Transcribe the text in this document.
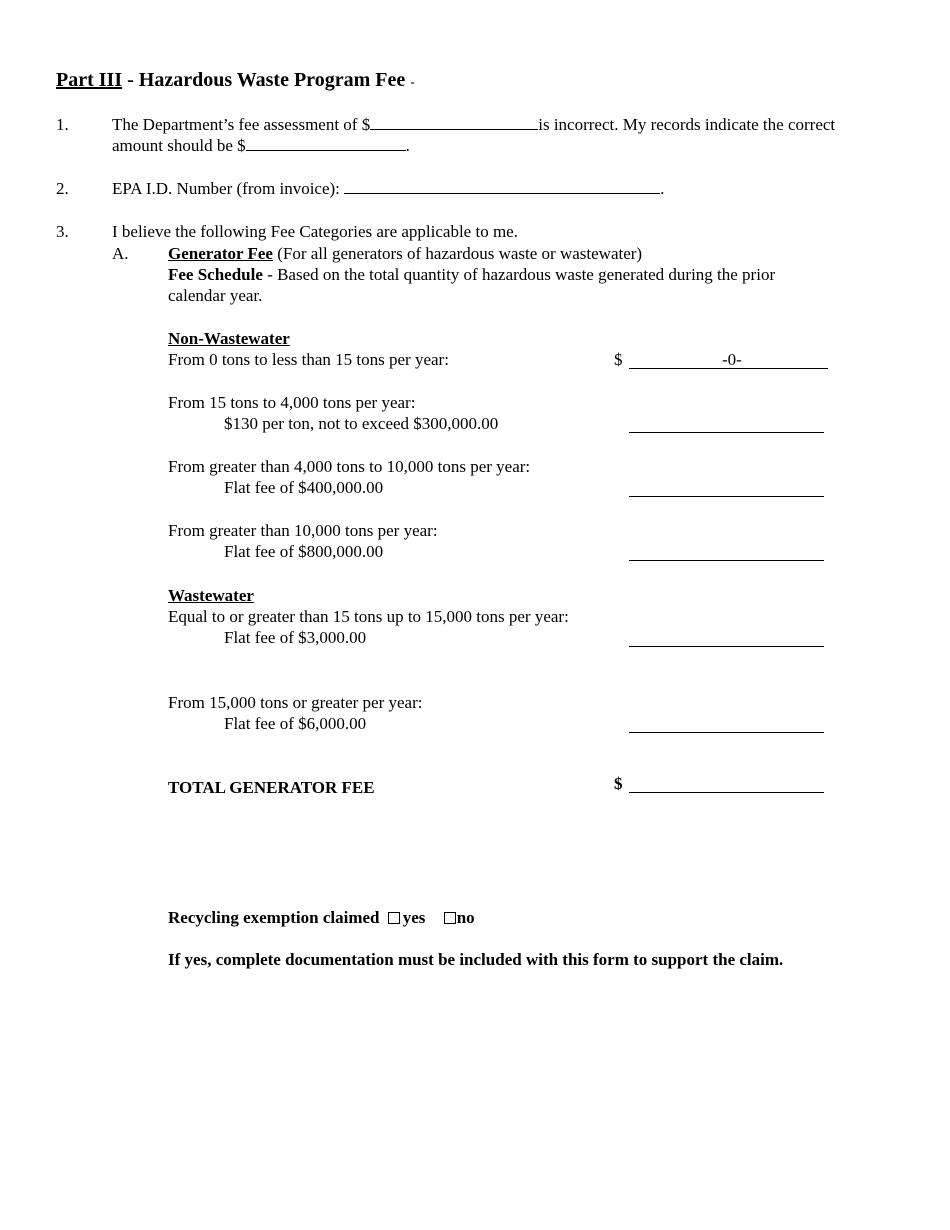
Part III - Hazardous Waste Program Fee -
1.	The Department’s fee assessment of $	is incorrect. My records indicate the correct
amount should be $	.
2.	EPA I.D. Number (from invoice):	.
3.	I believe the following Fee Categories are applicable to me.
A. Generator Fee (For all generators of hazardous waste or wastewater)
Fee Schedule - Based on the total quantity of hazardous waste generated during the prior
calendar year.
Non-Wastewater
From 0 tons to less than 15 tons per year:	$	-0-
From 15 tons to 4,000 tons per year:
$130 per ton, not to exceed $300,000.00
From greater than 4,000 tons to 10,000 tons per year:
Flat fee of $400,000.00
From greater than 10,000 tons per year:
Flat fee of $800,000.00
Wastewater
Equal to or greater than 15 tons up to 15,000 tons per year:
Flat fee of $3,000.00
From 15,000 tons or greater per year:
Flat fee of $6,000.00
TOTAL GENERATOR FEE	$
Recycling exemption claimed yes no
If yes, complete documentation must be included with this form to support the claim.
